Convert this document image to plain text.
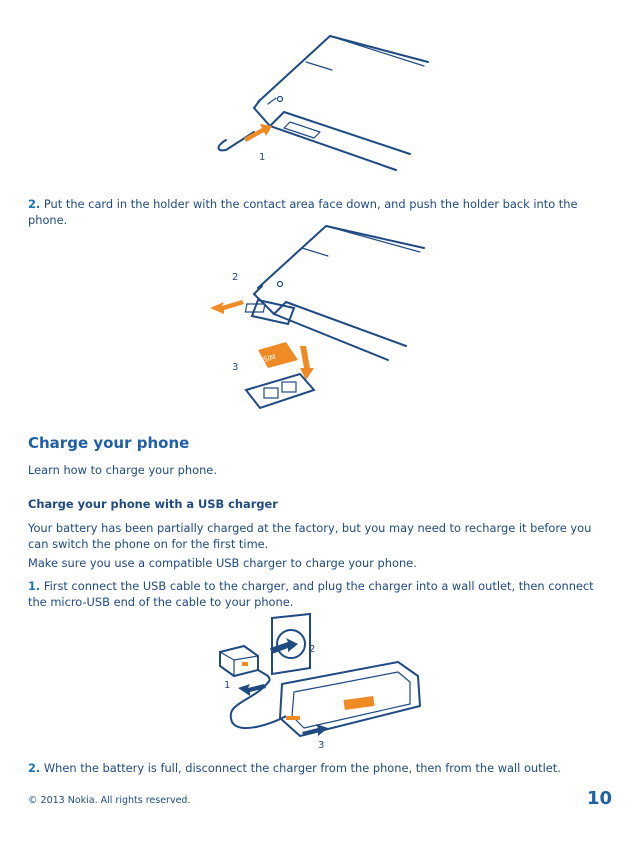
1
2. Put the card in the holder with the contact area face down, and push the holder back into the phone.
SIM
2
3
Charge your phone
Learn how to charge your phone.
Charge your phone with a USB charger
Your battery has been partially charged at the factory, but you may need to recharge it before you can switch the phone on for the first time.
Make sure you use a compatible USB charger to charge your phone.
1. First connect the USB cable to the charger, and plug the charger into a wall outlet, then connect the micro-USB end of the cable to your phone.
2
1
3
2. When the battery is full, disconnect the charger from the phone, then from the wall outlet.
© 2013 Nokia. All rights reserved.	10
